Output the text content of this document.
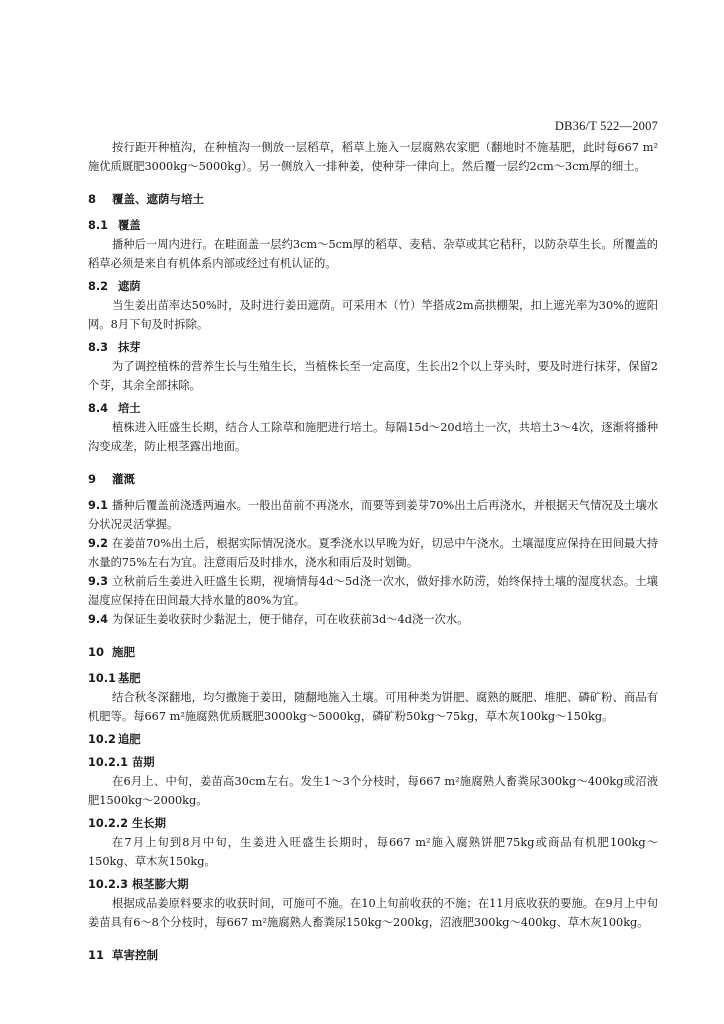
DB36/T 522—2007

按行距开种植沟，在种植沟一侧放一层稻草，稻草上施入一层腐熟农家肥（翻地时不施基肥，此时每667 m²施优质厩肥3000kg～5000kg）。另一侧放入一排种姜，使种芽一律向上。然后覆一层约2cm～3cm厚的细土。

8 覆盖、遮荫与培土
8.1 覆盖

播种后一周内进行。在畦面盖一层约3cm～5cm厚的稻草、麦秸、杂草或其它秸秆，以防杂草生长。所覆盖的稻草必须是来自有机体系内部或经过有机认证的。

8.2 遮荫

当生姜出苗率达50%时，及时进行姜田遮荫。可采用木（竹）竿搭成2m高拱棚架，扣上遮光率为30%的遮阳网。8月下旬及时拆除。

8.3 抹芽

为了调控植株的营养生长与生殖生长，当植株长至一定高度，生长出2个以上芽头时，要及时进行抹芽，保留2个芽，其余全部抹除。

8.4 培土

植株进入旺盛生长期，结合人工除草和施肥进行培土。每隔15d～20d培土一次，共培土3～4次，逐渐将播种沟变成垄，防止根茎露出地面。

9 灌溉

9.1 播种后覆盖前浇透两遍水。一般出苗前不再浇水，而要等到姜芽70%出土后再浇水，并根据天气情况及土壤水分状况灵活掌握。

9.2 在姜苗70%出土后，根据实际情况浇水。夏季浇水以早晚为好，切忌中午浇水。土壤湿度应保持在田间最大持水量的75%左右为宜。注意雨后及时排水，浇水和雨后及时划锄。

9.3 立秋前后生姜进入旺盛生长期，视墒情每4d～5d浇一次水，做好排水防涝，始终保持土壤的湿度状态。土壤湿度应保持在田间最大持水量的80%为宜。

9.4 为保证生姜收获时少黏泥土，便于储存，可在收获前3d～4d浇一次水。

10 施肥
10.1 基肥

结合秋冬深翻地，均匀撒施于姜田，随翻地施入土壤。可用种类为饼肥、腐熟的厩肥、堆肥、磷矿粉、商品有机肥等。每667 m²施腐熟优质厩肥3000kg～5000kg，磷矿粉50kg～75kg，草木灰100kg～150kg。

10.2 追肥
10.2.1 苗期

在6月上、中旬，姜苗高30cm左右。发生1～3个分枝时，每667 m²施腐熟人畜粪尿300kg～400kg或沼液肥1500kg～2000kg。

10.2.2 生长期

在7月上旬到8月中旬，生姜进入旺盛生长期时，每667 m²施入腐熟饼肥75kg或商品有机肥100kg～150kg、草木灰150kg。

10.2.3 根茎膨大期

根据成品姜原料要求的收获时间，可施可不施。在10上旬前收获的不施；在11月底收获的要施。在9月上中旬姜苗具有6～8个分枝时，每667 m²施腐熟人畜粪尿150kg～200kg，沼液肥300kg～400kg、草木灰100kg。

11 草害控制
